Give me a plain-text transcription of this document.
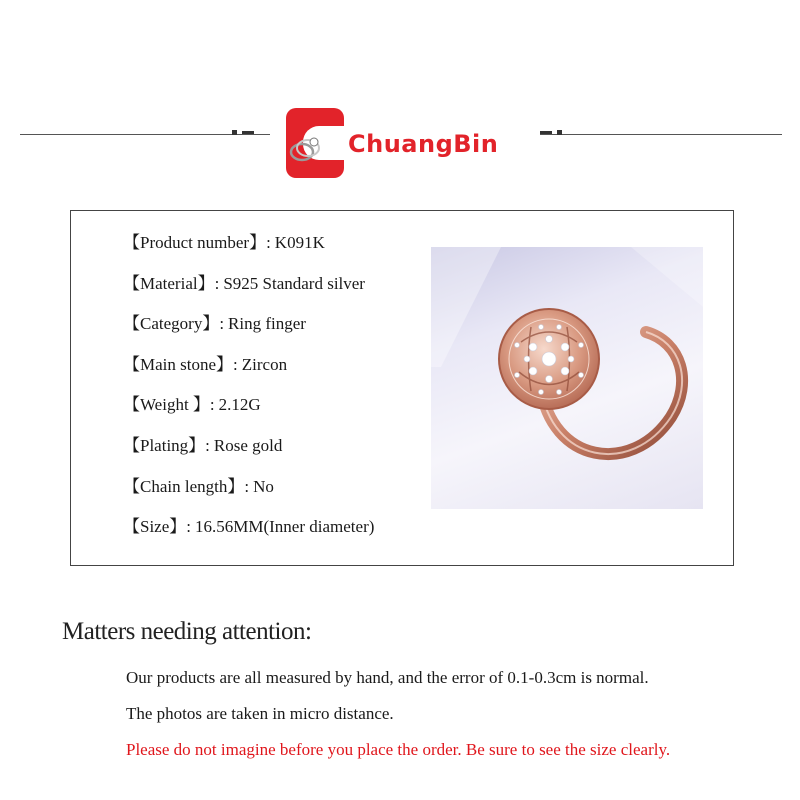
ChuangBin
【Product number】: K091K
【Material】: S925 Standard silver
【Category】: Ring finger
【Main stone】: Zircon
【Weight 】: 2.12G
【Plating】: Rose gold
【Chain length】: No
【Size】: 16.56MM(Inner diameter)
Matters needing attention:
Our products are all measured by hand, and the error of 0.1-0.3cm is normal.
The photos are taken in micro distance.
Please do not imagine before you place the order. Be sure to see the size clearly.
